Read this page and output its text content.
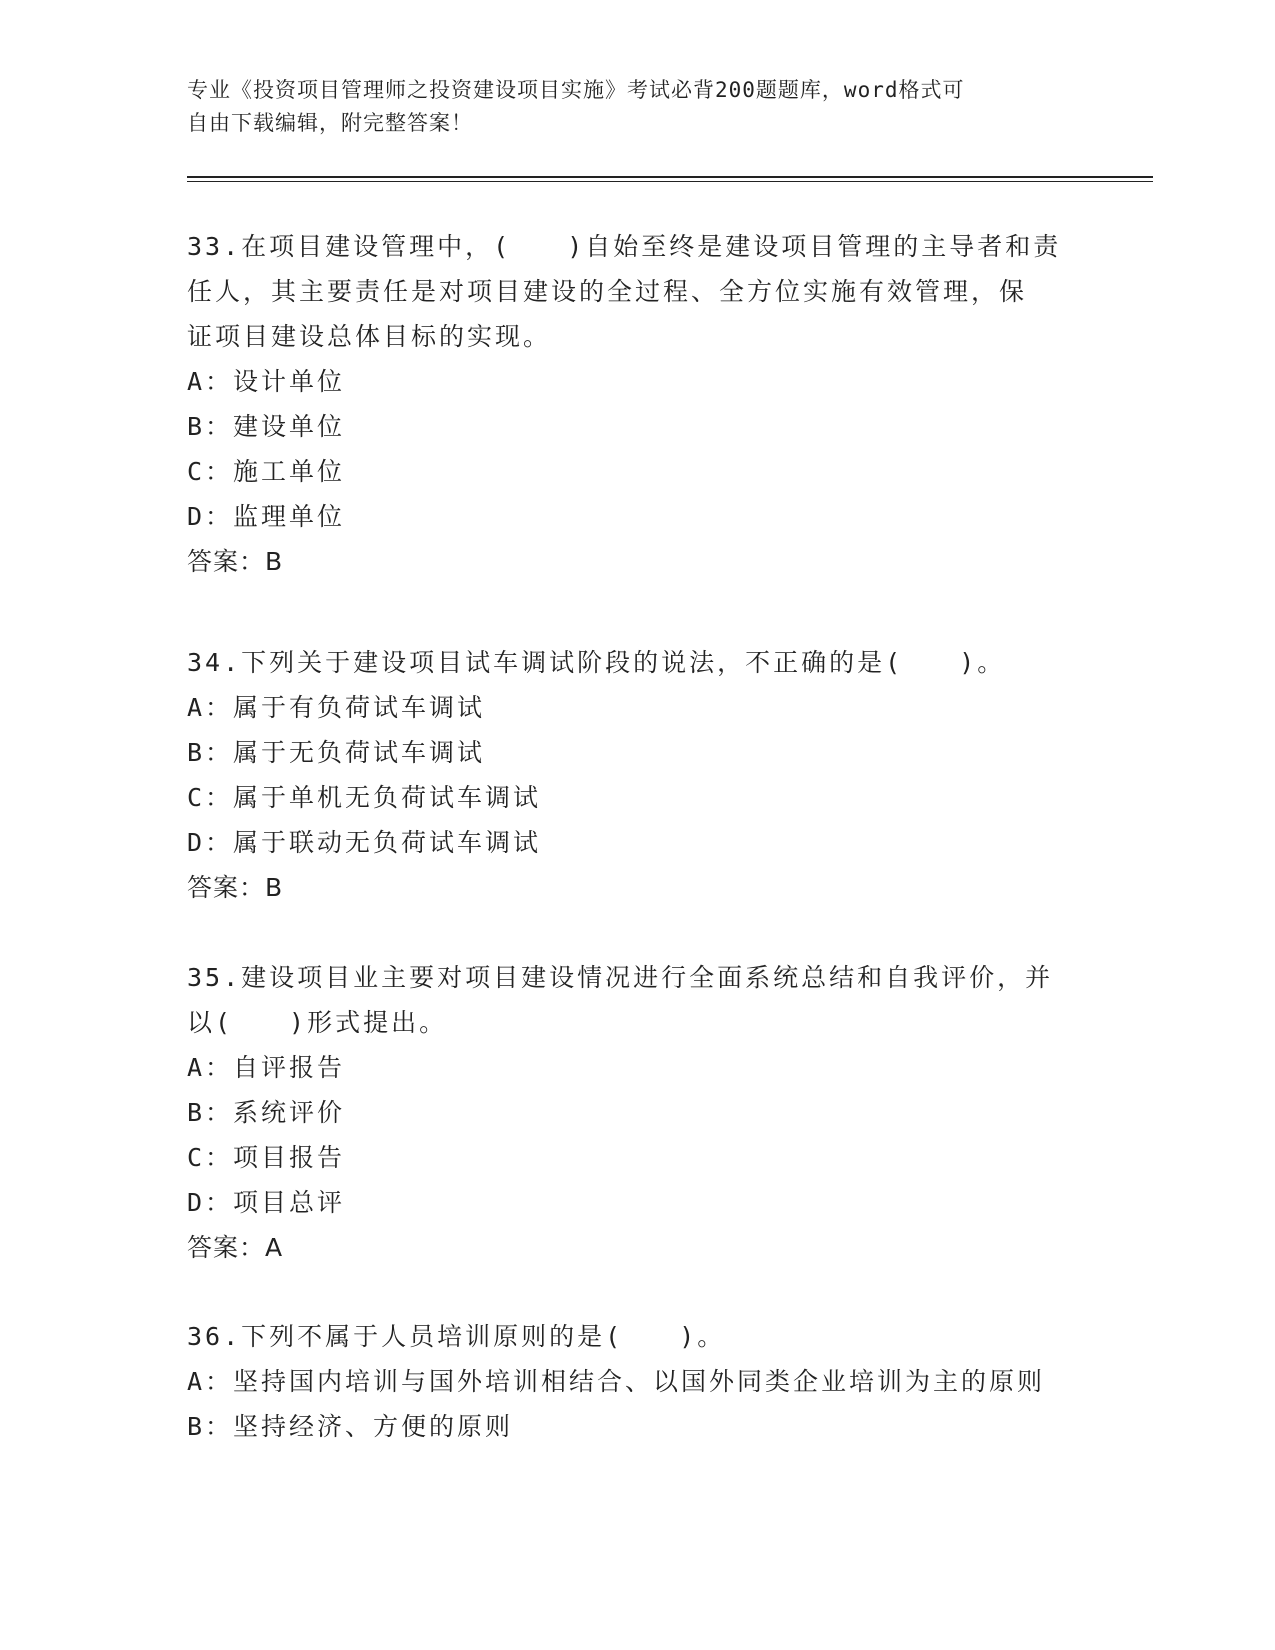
专业《投资项目管理师之投资建设项目实施》考试必背200题题库，word格式可
自由下载编辑，附完整答案！
33.在项目建设管理中，(　　)自始至终是建设项目管理的主导者和责
任人，其主要责任是对项目建设的全过程、全方位实施有效管理，保
证项目建设总体目标的实现。
A：设计单位
B：建设单位
C：施工单位
D：监理单位
答案：B
34.下列关于建设项目试车调试阶段的说法，不正确的是(　　)。
A：属于有负荷试车调试
B：属于无负荷试车调试
C：属于单机无负荷试车调试
D：属于联动无负荷试车调试
答案：B
35.建设项目业主要对项目建设情况进行全面系统总结和自我评价，并
以(　　)形式提出。
A：自评报告
B：系统评价
C：项目报告
D：项目总评
答案：A
36.下列不属于人员培训原则的是(　　)。
A：坚持国内培训与国外培训相结合、以国外同类企业培训为主的原则
B：坚持经济、方便的原则
